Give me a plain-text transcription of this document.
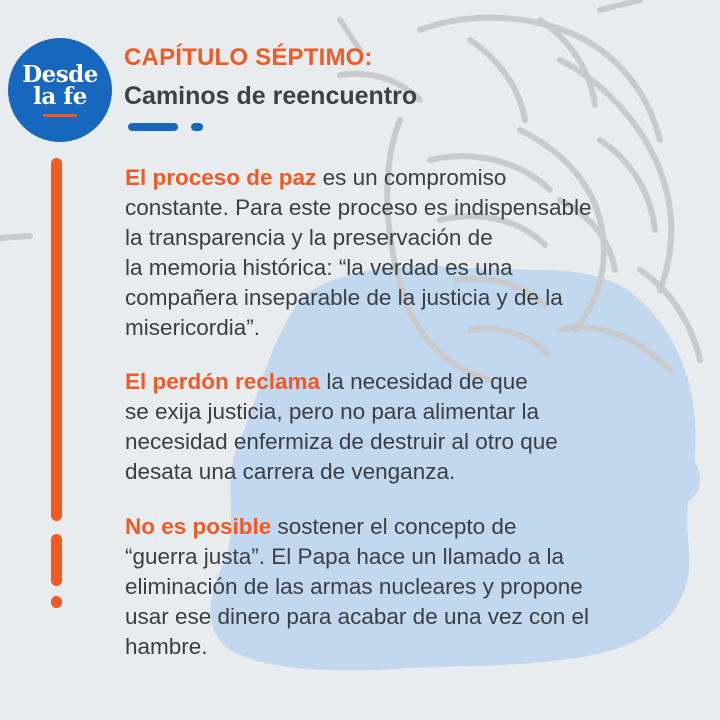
Desde
la fe
CAPÍTULO SÉPTIMO:
Caminos de reencuentro

El proceso de paz es un compromiso
constante. Para este proceso es indispensable
la transparencia y la preservación de
la memoria histórica: “la verdad es una
compañera inseparable de la justicia y de la
misericordia”.

El perdón reclama la necesidad de que
se exija justicia, pero no para alimentar la
necesidad enfermiza de destruir al otro que
desata una carrera de venganza.

No es posible sostener el concepto de
“guerra justa”. El Papa hace un llamado a la
eliminación de las armas nucleares y propone
usar ese dinero para acabar de una vez con el
hambre.
